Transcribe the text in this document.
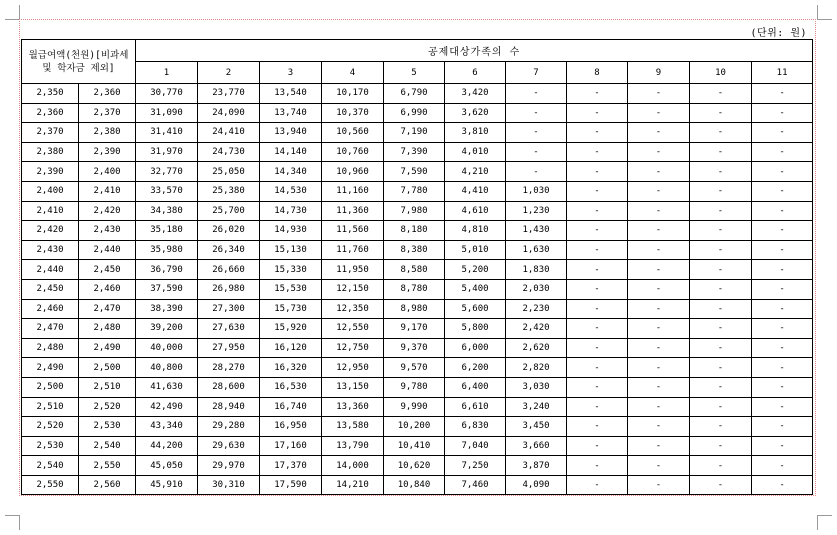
(단위: 원)
월급여액(천원)[비과세 및 학자금 제외]		공제대상가족의 수										
		1	2	3	4	5	6	7	8	9	10	11
2,350	2,360	30,770	23,770	13,540	10,170	6,790	3,420	-	-	-	-	-
2,360	2,370	31,090	24,090	13,740	10,370	6,990	3,620	-	-	-	-	-
2,370	2,380	31,410	24,410	13,940	10,560	7,190	3,810	-	-	-	-	-
2,380	2,390	31,970	24,730	14,140	10,760	7,390	4,010	-	-	-	-	-
2,390	2,400	32,770	25,050	14,340	10,960	7,590	4,210	-	-	-	-	-
2,400	2,410	33,570	25,380	14,530	11,160	7,780	4,410	1,030	-	-	-	-
2,410	2,420	34,380	25,700	14,730	11,360	7,980	4,610	1,230	-	-	-	-
2,420	2,430	35,180	26,020	14,930	11,560	8,180	4,810	1,430	-	-	-	-
2,430	2,440	35,980	26,340	15,130	11,760	8,380	5,010	1,630	-	-	-	-
2,440	2,450	36,790	26,660	15,330	11,950	8,580	5,200	1,830	-	-	-	-
2,450	2,460	37,590	26,980	15,530	12,150	8,780	5,400	2,030	-	-	-	-
2,460	2,470	38,390	27,300	15,730	12,350	8,980	5,600	2,230	-	-	-	-
2,470	2,480	39,200	27,630	15,920	12,550	9,170	5,800	2,420	-	-	-	-
2,480	2,490	40,000	27,950	16,120	12,750	9,370	6,000	2,620	-	-	-	-
2,490	2,500	40,800	28,270	16,320	12,950	9,570	6,200	2,820	-	-	-	-
2,500	2,510	41,630	28,600	16,530	13,150	9,780	6,400	3,030	-	-	-	-
2,510	2,520	42,490	28,940	16,740	13,360	9,990	6,610	3,240	-	-	-	-
2,520	2,530	43,340	29,280	16,950	13,580	10,200	6,830	3,450	-	-	-	-
2,530	2,540	44,200	29,630	17,160	13,790	10,410	7,040	3,660	-	-	-	-
2,540	2,550	45,050	29,970	17,370	14,000	10,620	7,250	3,870	-	-	-	-
2,550	2,560	45,910	30,310	17,590	14,210	10,840	7,460	4,090	-	-	-	-
